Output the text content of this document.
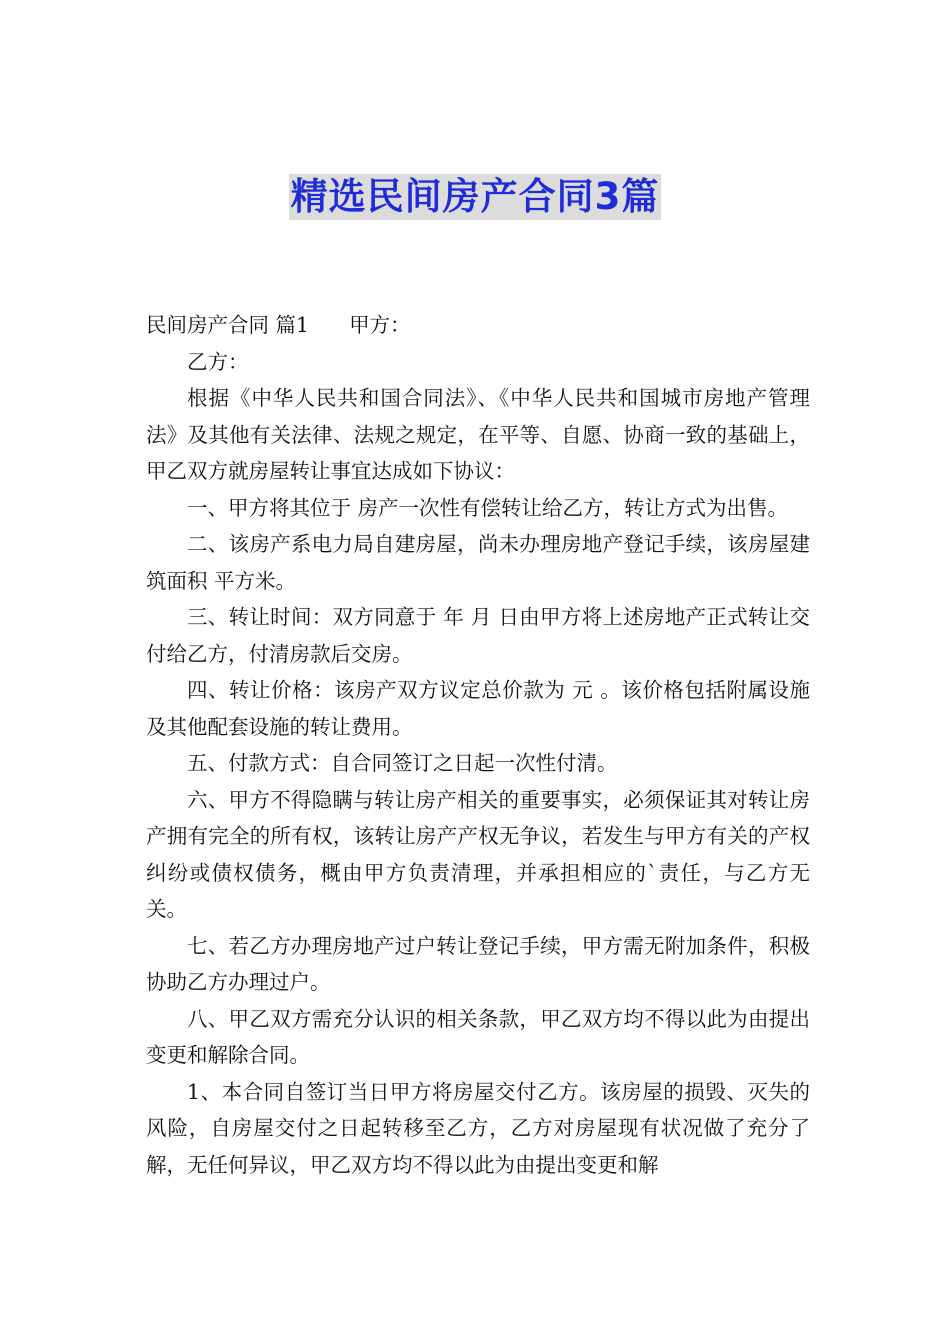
精选民间房产合同3篇

民间房产合同 篇1 甲方：

乙方：

根据《中华人民共和国合同法》、《中华人民共和国城市房地产管理法》及其他有关法律、法规之规定，在平等、自愿、协商一致的基础上，甲乙双方就房屋转让事宜达成如下协议：

一、甲方将其位于 房产一次性有偿转让给乙方，转让方式为出售。

二、该房产系电力局自建房屋，尚未办理房地产登记手续，该房屋建筑面积 平方米。

三、转让时间：双方同意于 年 月 日由甲方将上述房地产正式转让交付给乙方，付清房款后交房。

四、转让价格：该房产双方议定总价款为 元 。该价格包括附属设施及其他配套设施的转让费用。

五、付款方式：自合同签订之日起一次性付清。

六、甲方不得隐瞒与转让房产相关的重要事实，必须保证其对转让房产拥有完全的所有权，该转让房产产权无争议，若发生与甲方有关的产权纠纷或债权债务，概由甲方负责清理，并承担相应的`责任，与乙方无关。

七、若乙方办理房地产过户转让登记手续，甲方需无附加条件，积极协助乙方办理过户。

八、甲乙双方需充分认识的相关条款，甲乙双方均不得以此为由提出变更和解除合同。

1、本合同自签订当日甲方将房屋交付乙方。该房屋的损毁、灭失的风险，自房屋交付之日起转移至乙方，乙方对房屋现有状况做了充分了解，无任何异议，甲乙双方均不得以此为由提出变更和解
